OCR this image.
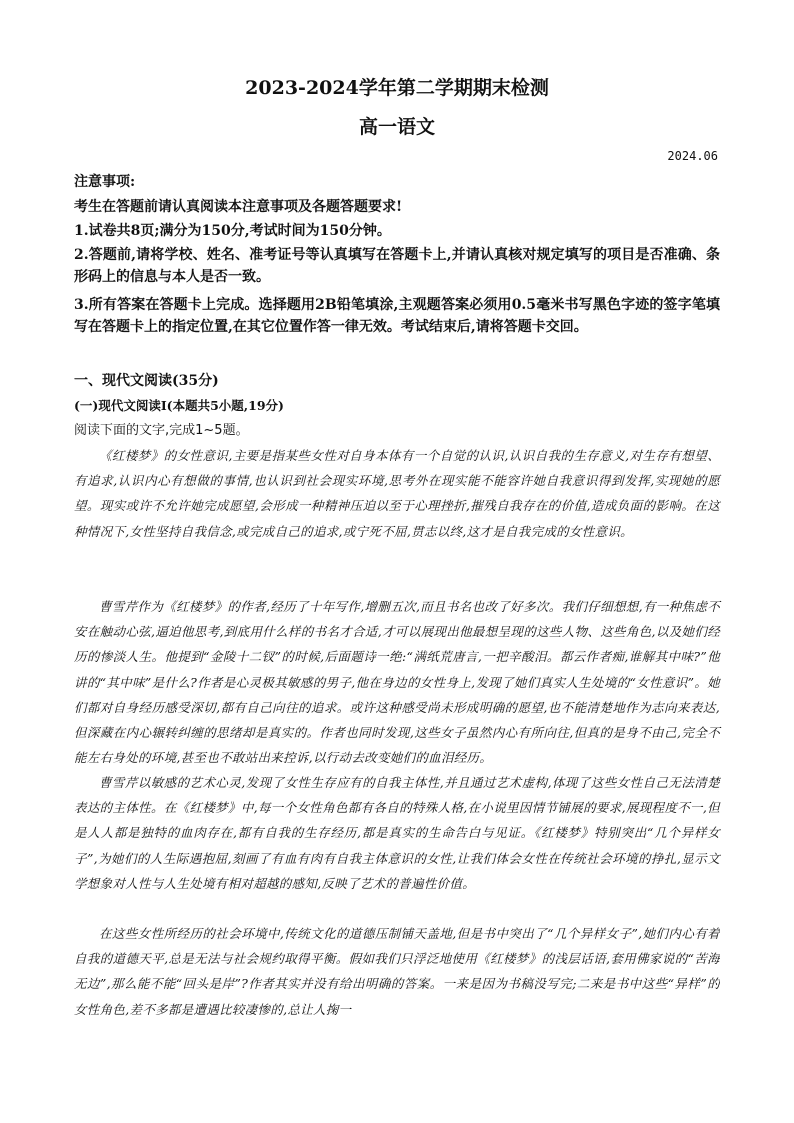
2023-2024学年第二学期期末检测
高一语文
2024.06
注意事项:
考生在答题前请认真阅读本注意事项及各题答题要求!
1.试卷共8页;满分为150分,考试时间为150分钟。
2.答题前,请将学校、姓名、准考证号等认真填写在答题卡上,并请认真核对规定填写的项目是否准确、条形码上的信息与本人是否一致。
3.所有答案在答题卡上完成。选择题用2B铅笔填涂,主观题答案必须用0.5毫米书写黑色字迹的签字笔填写在答题卡上的指定位置,在其它位置作答一律无效。考试结束后,请将答题卡交回。
一、现代文阅读(35分)
(一)现代文阅读Ⅰ(本题共5小题,19分)
阅读下面的文字,完成1~5题。

《红楼梦》的女性意识,主要是指某些女性对自身本体有一个自觉的认识,认识自我的生存意义,对生存有想望、有追求,认识内心有想做的事情,也认识到社会现实环境,思考外在现实能不能容许她自我意识得到发挥,实现她的愿望。现实或许不允许她完成愿望,会形成一种精神压迫以至于心理挫折,摧残自我存在的价值,造成负面的影响。在这种情况下,女性坚持自我信念,或完成自己的追求,或宁死不屈,贯志以终,这才是自我完成的女性意识。

曹雪芹作为《红楼梦》的作者,经历了十年写作,增删五次,而且书名也改了好多次。我们仔细想想,有一种焦虑不安在触动心弦,逼迫他思考,到底用什么样的书名才合适,才可以展现出他最想呈现的这些人物、这些角色,以及她们经历的惨淡人生。他提到“金陵十二钗”的时候,后面题诗一绝:“满纸荒唐言,一把辛酸泪。都云作者痴,谁解其中味?”他讲的“其中味”是什么?作者是心灵极其敏感的男子,他在身边的女性身上,发现了她们真实人生处境的“女性意识”。她们都对自身经历感受深切,都有自己向往的追求。或许这种感受尚未形成明确的愿望,也不能清楚地作为志向来表达,但深藏在内心辗转纠缠的思绪却是真实的。作者也同时发现,这些女子虽然内心有所向往,但真的是身不由己,完全不能左右身处的环境,甚至也不敢站出来控诉,以行动去改变她们的血泪经历。

曹雪芹以敏感的艺术心灵,发现了女性生存应有的自我主体性,并且通过艺术虚构,体现了这些女性自己无法清楚表达的主体性。在《红楼梦》中,每一个女性角色都有各自的特殊人格,在小说里因情节铺展的要求,展现程度不一,但是人人都是独特的血肉存在,都有自我的生存经历,都是真实的生命告白与见证。《红楼梦》特别突出“几个异样女子”,为她们的人生际遇抱屈,刻画了有血有肉有自我主体意识的女性,让我们体会女性在传统社会环境的挣扎,显示文学想象对人性与人生处境有相对超越的感知,反映了艺术的普遍性价值。

在这些女性所经历的社会环境中,传统文化的道德压制铺天盖地,但是书中突出了“几个异样女子”,她们内心有着自我的道德天平,总是无法与社会规约取得平衡。假如我们只浮泛地使用《红楼梦》的浅层话语,套用佛家说的“苦海无边”,那么能不能“回头是岸”?作者其实并没有给出明确的答案。一来是因为书稿没写完;二来是书中这些“异样”的女性角色,差不多都是遭遇比较凄惨的,总让人掬一
